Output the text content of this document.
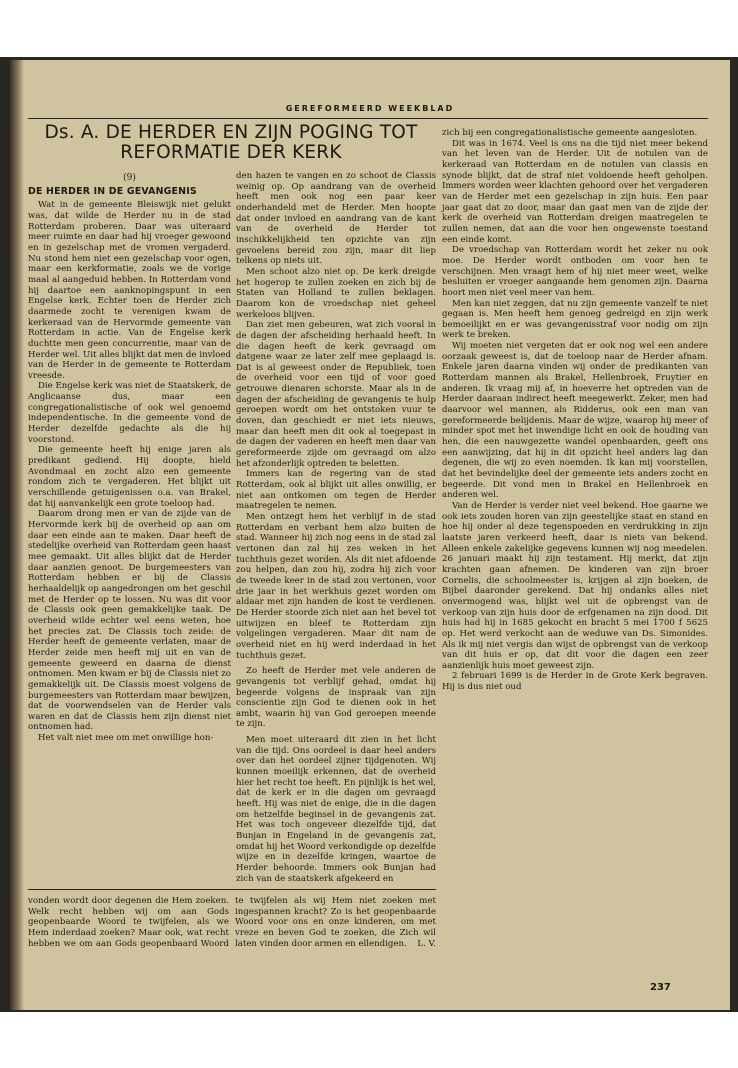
GEREFORMEERD WEEKBLAD
Ds. A. DE HERDER EN ZIJN POGING TOT
REFORMATIE DER KERK
(9)
DE HERDER IN DE GEVANGENIS

Wat in de gemeente Bleiswijk niet gelukt was, dat wilde de Herder nu in de stad Rotterdam proberen. Daar was uiteraard meer ruimte en daar had hij vroeger gewoond en in gezelschap met de vromen vergaderd. Nu stond hem niet een gezelschap voor ogen, maar een kerkformatie, zoals we de vorige maal al aangeduid hebben. In Rotterdam vond hij daartoe een aanknopingspunt in een Engelse kerk. Echter toen de Herder zich daarmede zocht te verenigen kwam de kerkeraad van de Hervormde gemeente van Rotterdam in actie. Van de Engelse kerk duchtte men geen concurrentie, maar van de Herder wel. Uit alles blijkt dat men de invloed van de Herder in de gemeente te Rotterdam vreesde.

Die Engelse kerk was niet de Staatskerk, de Anglicaanse dus, maar een congregationalistische of ook wel genoemd independentische. In die gemeente vond de Herder dezelfde gedachte als die hij voorstond.

Die gemeente heeft hij enige jaren als predikant gediend. Hij doopte, hield Avondmaal en zocht alzo een gemeente rondom zich te vergaderen. Het blijkt uit verschillende getuigenissen o.a. van Brakel, dat hij aanvankelijk een grote toeloop had.

Daarom drong men er van de zijde van de Hervormde kerk bij de overheid op aan om daar een einde aan te maken. Daar heeft de stedelijke overheid van Rotterdam geen haast mee gemaakt. Uit alles blijkt dat de Herder daar aanzien genoot. De burgemeesters van Rotterdam hebben er bij de Classis herhaaldelijk op aangedrongen om het geschil met de Herder op te lossen. Nu was dit voor de Classis ook geen gemakkelijke taak. De overheid wilde echter wel eens weten, hoe het precies zat. De Classis toch zeide: de Herder heeft de gemeente verlaten, maar de Herder zeide men heeft mij uit en van de gemeente geweerd en daarna de dienst ontnomen. Men kwam er bij de Classis niet zo gemakkelijk uit. De Classis moest volgens de burgemeesters van Rotterdam maar bewijzen, dat de voorwendselen van de Herder vals waren en dat de Classis hem zijn dienst niet ontnomen had.

Het valt niet mee om met onwillige hon-

den hazen te vangen en zo schoot de Classis weinig op. Op aandrang van de overheid heeft men ook nog een paar keer onderhandeld met de Herder. Men hoopte dat onder invloed en aandrang van de kant van de overheid de Herder tot inschikkelijkheid ten opzichte van zijn gevoelens bereid zou zijn, maar dit liep telkens op niets uit.

Men schoot alzo niet op. De kerk dreigde het hogerop te zullen zoeken en zich bij de Staten van Holland te zullen beklagen. Daarom kon de vroedschap niet geheel werkeloos blijven.

Dan ziet men gebeuren, wat zich vooral in de dagen der afscheiding herhaald heeft. In die dagen heeft de kerk gevraagd om datgene waar ze later zelf mee geplaagd is. Dat is al geweest onder de Republiek, toen de overheid voor een tijd of voor goed getrouwe dienaren schorste. Maar als in de dagen der afscheiding de gevangenis te hulp geroepen wordt om het ontstoken vuur te doven, dan geschiedt er niet iets nieuws, maar dan heeft men dit ook al toegepast in de dagen der vaderen en heeft men daar van gereformeerde zijde om gevraagd om alzo het afzonderlijk optreden te beletten.

Immers kan de regering van de stad Rotterdam, ook al blijkt uit alles onwillig, er niet aan ontkomen om tegen de Herder maatregelen te nemen.

Men ontzegt hem het verblijf in de stad Rotterdam en verbant hem alzo buiten de stad. Wanneer hij zich nog eens in de stad zal vertonen dan zal hij zes weken in het tuchthuis gezet worden. Als dit niet afdoende zou helpen, dan zou hij, zodra hij zich voor de tweede keer in de stad zou vertonen, voor drie jaar in het werkhuis gezet worden om aldaar met zijn handen de kost te verdienen. De Herder stoorde zich niet aan het bevel tot uitwijzen en bleef te Rotterdam zijn volgelingen vergaderen. Maar dit nam de overheid niet en hij werd inderdaad in het tuchthuis gezet.

Zo heeft de Herder met vele anderen de gevangenis tot verblijf gehad, omdat hij begeerde volgens de inspraak van zijn conscientie zijn God te dienen ook in het ambt, waarin hij van God geroepen meende te zijn.

Men moet uiteraard dit zien in het licht van die tijd. Ons oordeel is daar heel anders over dan het oordeel zijner tijdgenoten. Wij kunnen moeilijk erkennen, dat de overheid hier het recht toe heeft. En pijnlijk is het wel, dat de kerk er in die dagen om gevraagd heeft. Hij was niet de enige, die in die dagen om hetzelfde beginsel in de gevangenis zat. Het was toch ongeveer diezelfde tijd, dat Bunjan in Engeland in de gevangenis zat, omdat hij het Woord verkondigde op dezelfde wijze en in dezelfde kringen, waartoe de Herder behoorde. Immers ook Bunjan had zich van de staatskerk afgekeerd en

zich bij een congregationalistische gemeente aangesloten.

Dit was in 1674. Veel is ons na die tijd niet meer bekend van het leven van de Herder. Uit de notulen van de kerkeraad van Rotterdam en de notulen van classis en synode blijkt, dat de straf niet voldoende heeft geholpen. Immers worden weer klachten gehoord over het vergaderen van de Herder met een gezelschap in zijn huis. Een paar jaar gaat dat zo door, maar dan gaat men van de zijde der kerk de overheid van Rotterdam dreigen maatregelen te zullen nemen, dat aan die voor hen ongewenste toestand een einde komt.

De vroedschap van Rotterdam wordt het zeker nu ook moe. De Herder wordt ontboden om voor hen te verschijnen. Men vraagt hem of hij niet meer weet, welke besluiten er vroeger aangaande hem genomen zijn. Daarna hoort men niet veel meer van hem.

Men kan niet zeggen, dat nu zijn gemeente vanzelf te niet gegaan is. Men heeft hem genoeg gedreigd en zijn werk bemoeilijkt en er was gevangenisstraf voor nodig om zijn werk te breken.

Wij moeten niet vergeten dat er ook nog wel een andere oorzaak geweest is, dat de toeloop naar de Herder afnam. Enkele jaren daarna vinden wij onder de predikanten van Rotterdam mannen als Brakel, Hellenbroek, Fruytier en anderen. Ik vraag mij af, in hoeverre het optreden van de Herder daaraan indirect heeft meegewerkt. Zeker, men had daarvoor wel mannen, als Ridderus, ook een man van gereformeerde belijdenis. Maar de wijze, waarop hij meer of minder spot met het inwendige licht en ook de houding van hen, die een nauwgezette wandel openbaarden, geeft ons een aanwijzing, dat hij in dit opzicht heel anders lag dan degenen, die wij zo even noemden. Ik kan mij voorstellen, dat het bevindelijke deel der gemeente iets anders zocht en begeerde. Dit vond men in Brakel en Hellenbroek en anderen wel.

Van de Herder is verder niet veel bekend. Hoe gaarne we ook iets zouden horen van zijn geestelijke staat en stand en hoe hij onder al deze tegenspoeden en verdrukking in zijn laatste jaren verkeerd heeft, daar is niets van bekend. Alleen enkele zakelijke gegevens kunnen wij nog meedelen. 26 januari maakt hij zijn testament. Hij merkt, dat zijn krachten gaan afnemen. De kinderen van zijn broer Cornelis, die schoolmeester is, krijgen al zijn boeken, de Bijbel daaronder gerekend. Dat hij ondanks alles niet onvermogend was, blijkt wel uit de opbrengst van de verkoop van zijn huis door de erfgenamen na zijn dood. Dit huis had hij in 1685 gekocht en bracht 5 mei 1700 f 5625 op. Het werd verkocht aan de weduwe van Ds. Simonides. Als ik mij niet vergis dan wijst de opbrengst van de verkoop van dit huis er op, dat dit voor die dagen een zeer aanzienlijk huis moet geweest zijn.

2 februari 1699 is de Herder in de Grote Kerk begraven. Hij is dus niet oud

vonden wordt door degenen die Hem zoeken. Welk recht hebben wij om aan Gods geopenbaarde Woord te twijfelen, als we Hem inderdaad zoeken? Maar ook, wat recht hebben we om aan Gods geopenbaard Woord te twijfelen als wij Hem niet zoeken met ingespannen kracht? Zo is het geopenbaarde Woord voor ons en onze kinderen, om met vreze en beven God te zoeken, die Zich wil laten vinden door armen en ellendigen. L. V.

237
